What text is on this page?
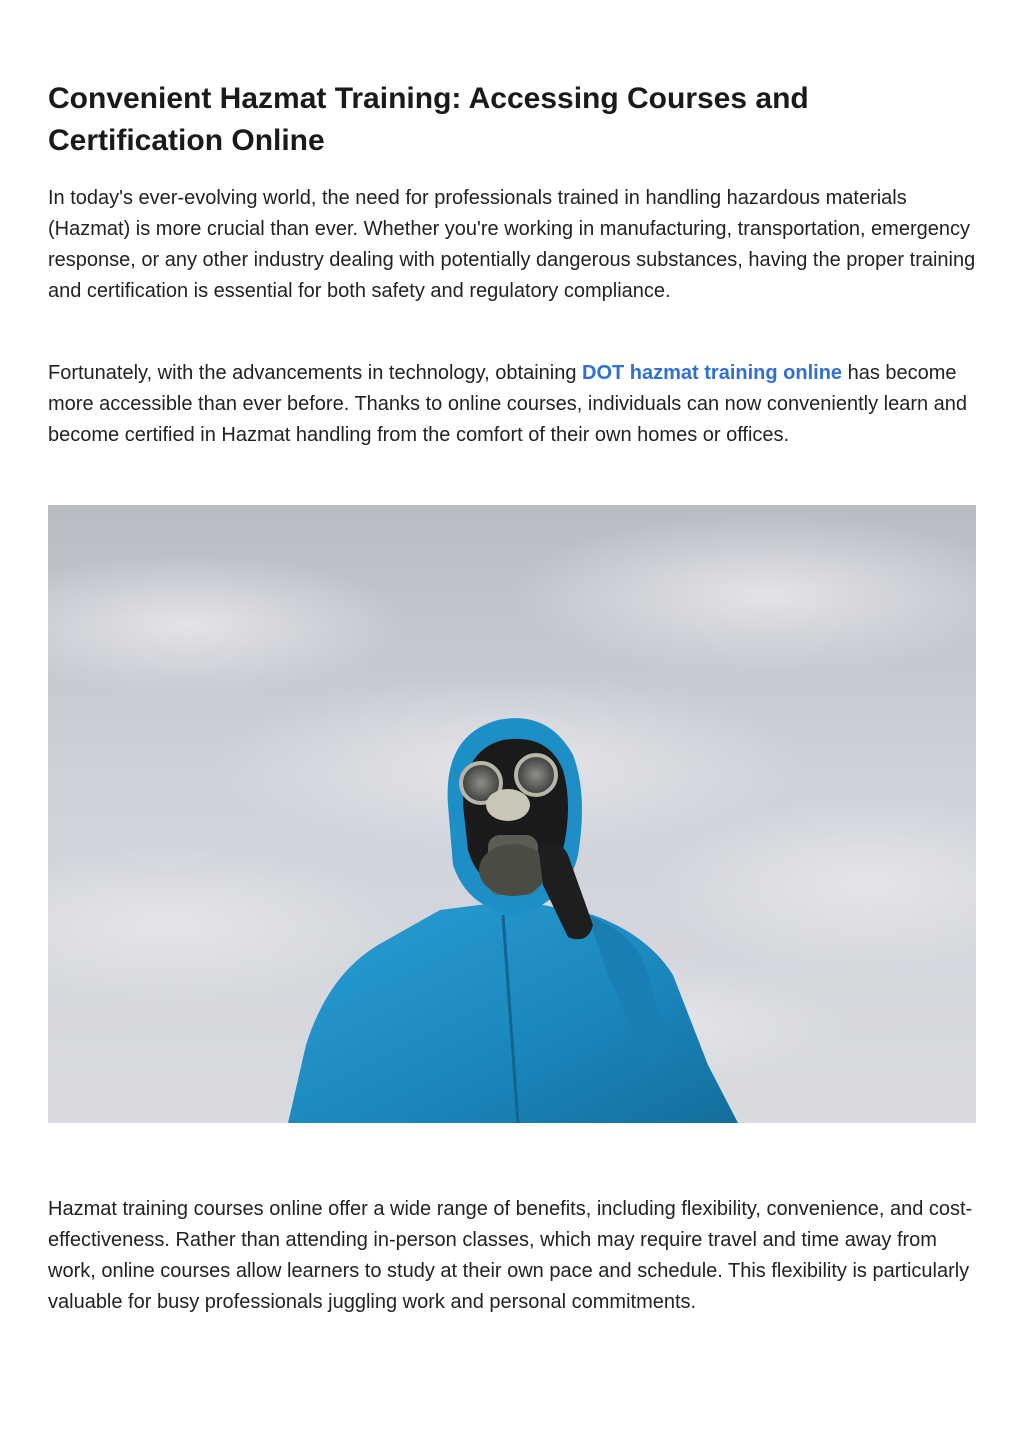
Convenient Hazmat Training: Accessing Courses and Certification Online

In today's ever-evolving world, the need for professionals trained in handling hazardous materials (Hazmat) is more crucial than ever. Whether you're working in manufacturing, transportation, emergency response, or any other industry dealing with potentially dangerous substances, having the proper training and certification is essential for both safety and regulatory compliance.

Fortunately, with the advancements in technology, obtaining DOT hazmat training online has become more accessible than ever before. Thanks to online courses, individuals can now conveniently learn and become certified in Hazmat handling from the comfort of their own homes or offices.

Hazmat training courses online offer a wide range of benefits, including flexibility, convenience, and cost-effectiveness. Rather than attending in-person classes, which may require travel and time away from work, online courses allow learners to study at their own pace and schedule. This flexibility is particularly valuable for busy professionals juggling work and personal commitments.
